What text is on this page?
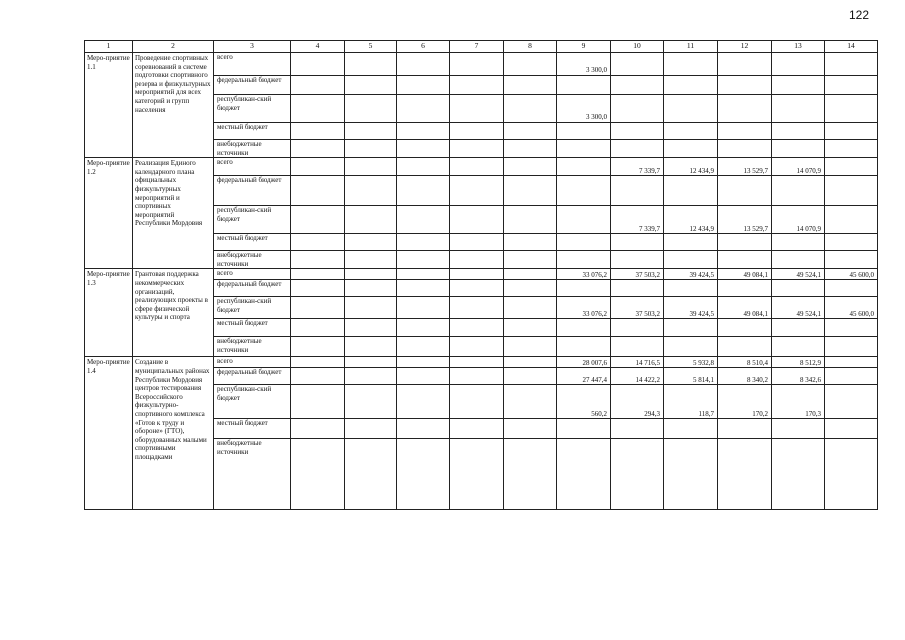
122
1	2	3	4	5	6	7	8	9	10	11	12	13	14
Меро-приятие 1.1	Проведение спортивных соревнований в системе подготовки спортивного резерва и физкультурных мероприятий для всех категорий и групп населения	всего						3 300,0					
		федеральный бюджет											
		республикан-ский бюджет						3 300,0					
		местный бюджет											
		внебюджетные источники											
Меро-приятие 1.2	Реализация Единого календарного плана официальных физкультурных мероприятий и спортивных мероприятий Республики Мордовия	всего							7 339,7	12 434,9	13 529,7	14 070,9	
		федеральный бюджет											
		республикан-ский бюджет							7 339,7	12 434,9	13 529,7	14 070,9	
		местный бюджет											
		внебюджетные источники											
Меро-приятие 1.3	Грантовая поддержка некоммерческих организаций, реализующих проекты в сфере физической культуры и спорта	всего						33 076,2	37 503,2	39 424,5	49 084,1	49 524,1	45 600,0
		федеральный бюджет											
		республикан-ский бюджет						33 076,2	37 503,2	39 424,5	49 084,1	49 524,1	45 600,0
		местный бюджет											
		внебюджетные источники											
Меро-приятие 1.4	Создание в муниципальных районах Республики Мордовия центров тестирования Всероссийского физкультурно-спортивного комплекса «Готов к труду и обороне» (ГТО), оборудованных малыми спортивными площадками	всего						28 007,6	14 716,5	5 932,8	8 510,4	8 512,9	
		федеральный бюджет						27 447,4	14 422,2	5 814,1	8 340,2	8 342,6	
		республикан-ский бюджет						560,2	294,3	118,7	170,2	170,3	
		местный бюджет											
		внебюджетные источники											
